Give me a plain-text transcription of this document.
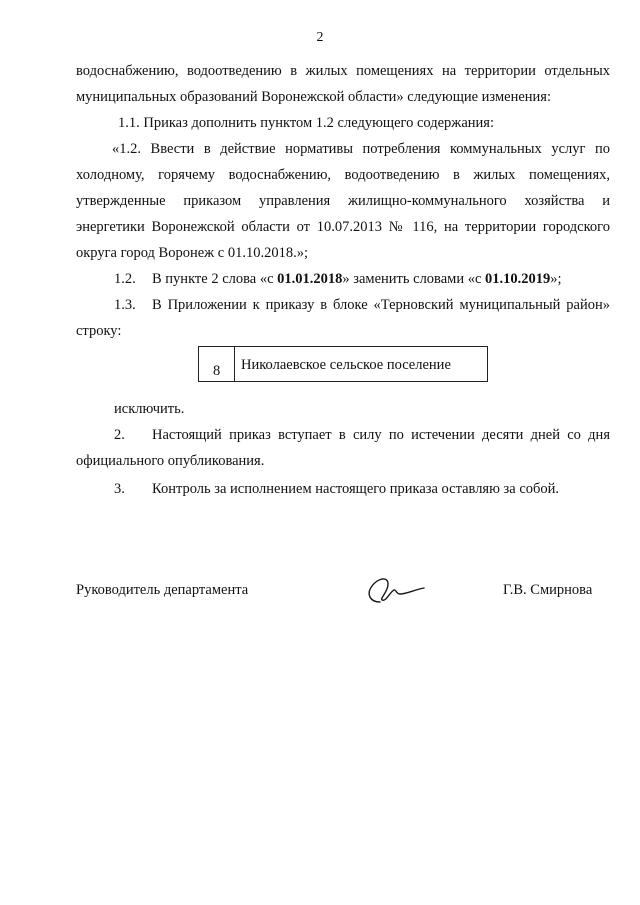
2

водоснабжению, водоотведению в жилых помещениях на территории отдельных муниципальных образований Воронежской области» следующие изменения:

1.1. Приказ дополнить пунктом 1.2 следующего содержания:

«1.2. Ввести в действие нормативы потребления коммунальных услуг по холодному, горячему водоснабжению, водоотведению в жилых помещениях, утвержденные приказом управления жилищно-коммунального хозяйства и энергетики Воронежской области от 10.07.2013 № 116, на территории городского округа город Воронеж с 01.10.2018.»;

1.2. В пункте 2 слова «с 01.01.2018» заменить словами «с 01.10.2019»;

1.3. В Приложении к приказу в блоке «Терновский муниципальный район» строку:

8	Николаевское сельское поселение
исключить.

2. Настоящий приказ вступает в силу по истечении десяти дней со дня официального опубликования.

3. Контроль за исполнением настоящего приказа оставляю за собой.
Руководитель департамента	Г.В. Смирнова
